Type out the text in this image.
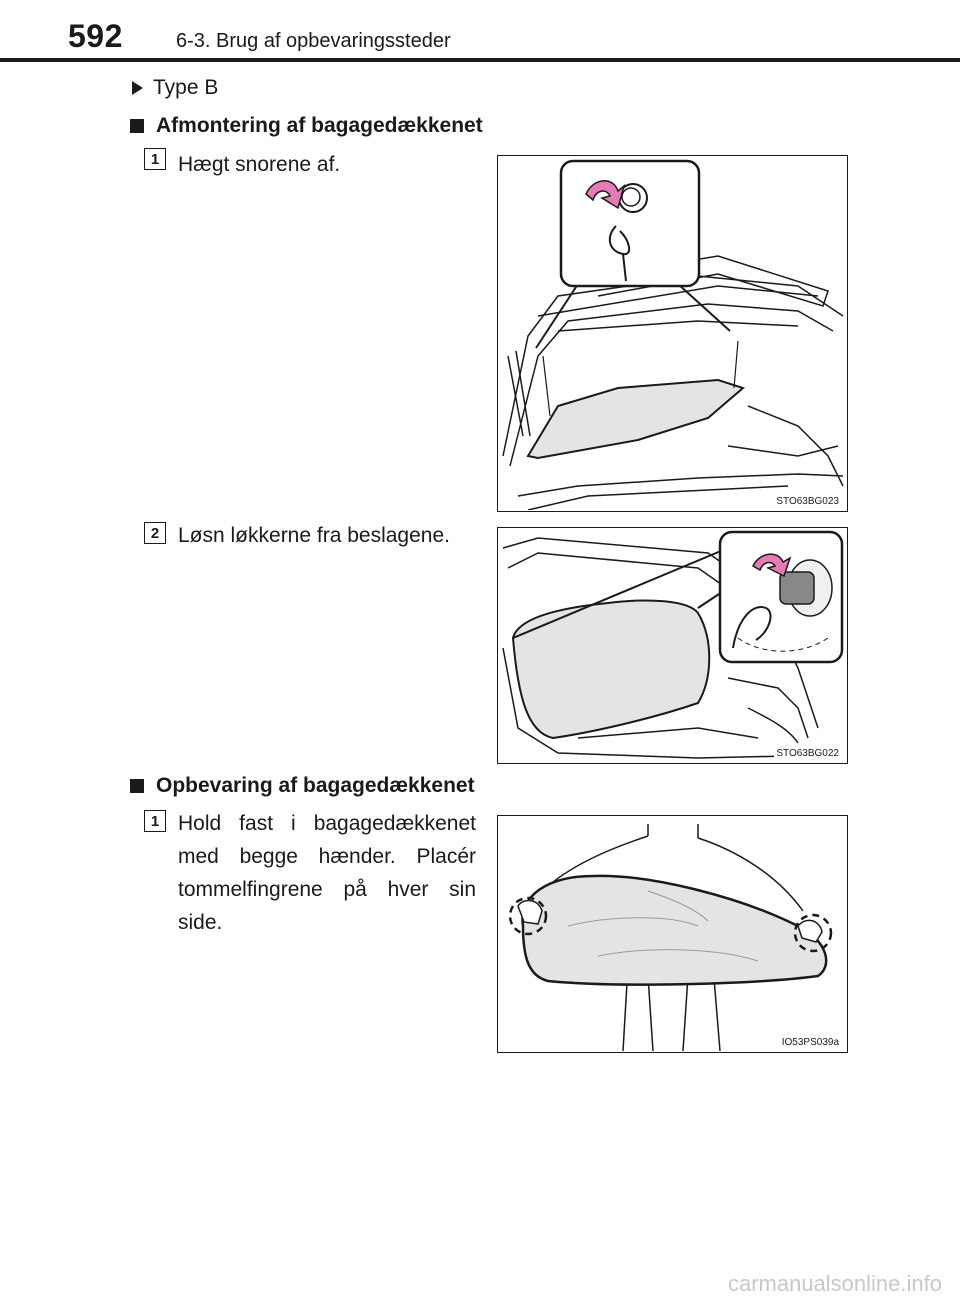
592	6-3. Brug af opbevaringssteder
Type B
Afmontering af bagagedækkenet
1 Hægt snorene af.
STO63BG023
2 Løsn løkkerne fra beslagene.
STO63BG022
Opbevaring af bagagedækkenet
1 Hold fast i bagagedækkenet med begge hænder. Placér tommelfingrene på hver sin side.
IO53PS039a
carmanualsonline.info
